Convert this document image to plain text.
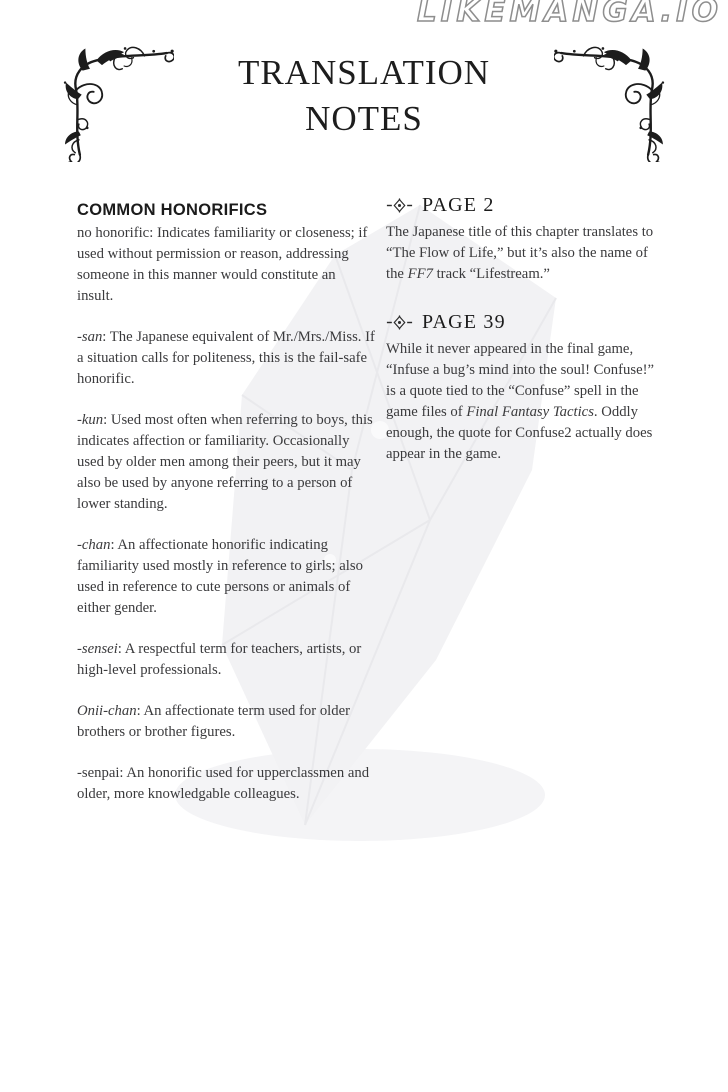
LIKEMANGA.IO
TRANSLATION NOTES
COMMON HONORIFICS

no honorific: Indicates familiarity or closeness; if used without permission or reason, addressing someone in this manner would constitute an insult.

-san: The Japanese equivalent of Mr./Mrs./Miss. If a situation calls for politeness, this is the fail-safe honorific.

-kun: Used most often when referring to boys, this indicates affection or familiarity. Occasionally used by older men among their peers, but it may also be used by anyone referring to a person of lower standing.

-chan: An affectionate honorific indicating familiarity used mostly in reference to girls; also used in reference to cute persons or animals of either gender.

-sensei: A respectful term for teachers, artists, or high-level professionals.

Onii-chan: An affectionate term used for older brothers or brother figures.

-senpai: An honorific used for upperclassmen and older, more knowledgable colleagues.

PAGE 2

The Japanese title of this chapter translates to “The Flow of Life,” but it’s also the name of the FF7 track “Lifestream.”

PAGE 39

While it never appeared in the final game, “Infuse a bug’s mind into the soul! Confuse!” is a quote tied to the “Confuse” spell in the game files of Final Fantasy Tactics. Oddly enough, the quote for Confuse2 actually does appear in the game.
